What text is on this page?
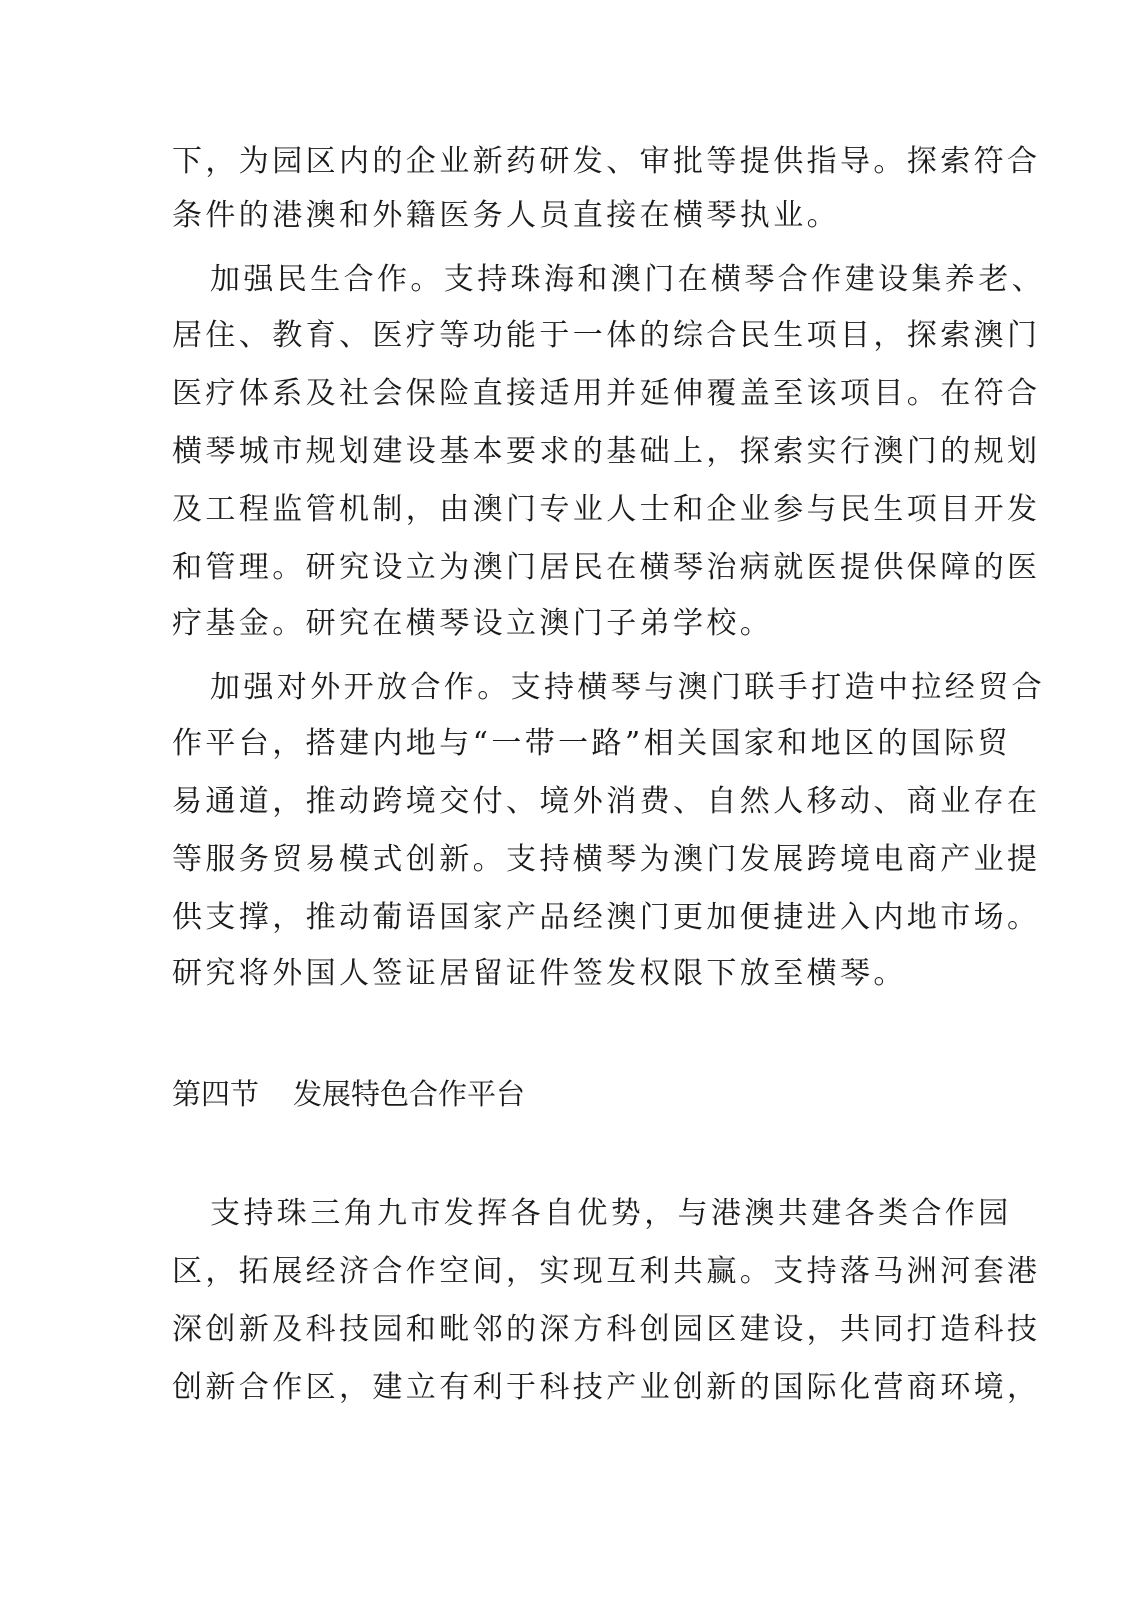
下，为园区内的企业新药研发、审批等提供指导。探索符合
条件的港澳和外籍医务人员直接在横琴执业。
加强民生合作。支持珠海和澳门在横琴合作建设集养老、
居住、教育、医疗等功能于一体的综合民生项目，探索澳门
医疗体系及社会保险直接适用并延伸覆盖至该项目。在符合
横琴城市规划建设基本要求的基础上，探索实行澳门的规划
及工程监管机制，由澳门专业人士和企业参与民生项目开发
和管理。研究设立为澳门居民在横琴治病就医提供保障的医
疗基金。研究在横琴设立澳门子弟学校。
加强对外开放合作。支持横琴与澳门联手打造中拉经贸合
作平台，搭建内地与“一带一路”相关国家和地区的国际贸
易通道，推动跨境交付、境外消费、自然人移动、商业存在
等服务贸易模式创新。支持横琴为澳门发展跨境电商产业提
供支撑，推动葡语国家产品经澳门更加便捷进入内地市场。
研究将外国人签证居留证件签发权限下放至横琴。
第四节 发展特色合作平台
支持珠三角九市发挥各自优势，与港澳共建各类合作园
区，拓展经济合作空间，实现互利共赢。支持落马洲河套港
深创新及科技园和毗邻的深方科创园区建设，共同打造科技
创新合作区，建立有利于科技产业创新的国际化营商环境，
